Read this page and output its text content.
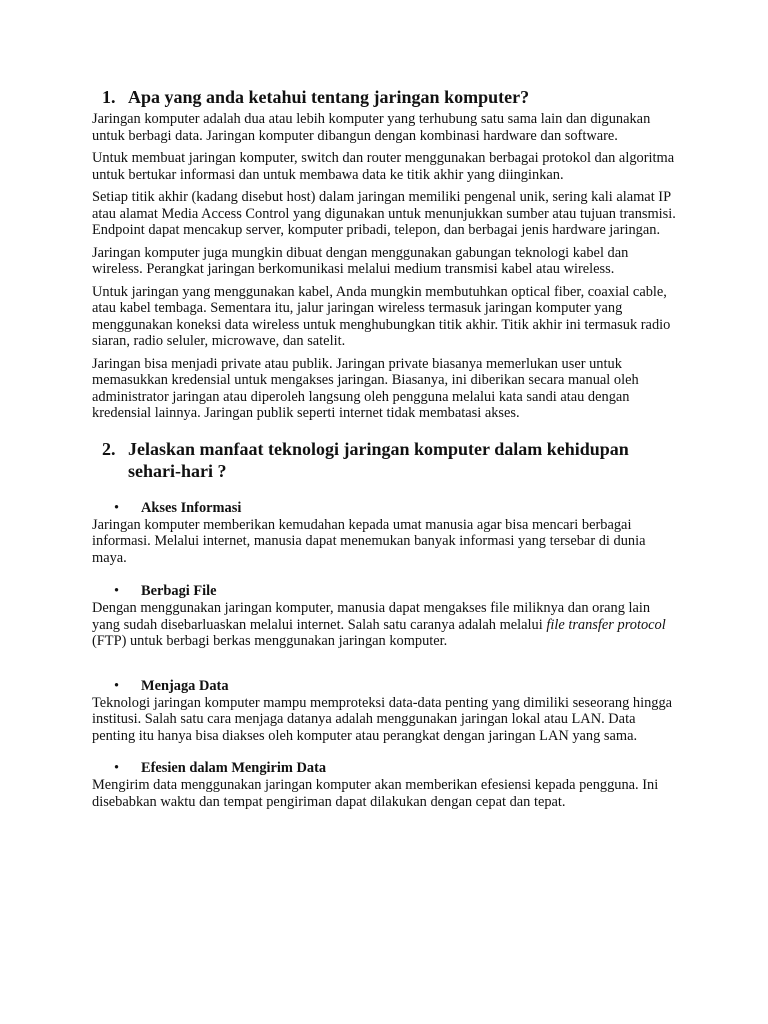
1. Apa yang anda ketahui tentang jaringan komputer?

Jaringan komputer adalah dua atau lebih komputer yang terhubung satu sama lain dan digunakan untuk berbagi data. Jaringan komputer dibangun dengan kombinasi hardware dan software.

Untuk membuat jaringan komputer, switch dan router menggunakan berbagai protokol dan algoritma untuk bertukar informasi dan untuk membawa data ke titik akhir yang diinginkan.

Setiap titik akhir (kadang disebut host) dalam jaringan memiliki pengenal unik, sering kali alamat IP atau alamat Media Access Control yang digunakan untuk menunjukkan sumber atau tujuan transmisi. Endpoint dapat mencakup server, komputer pribadi, telepon, dan berbagai jenis hardware jaringan.

Jaringan komputer juga mungkin dibuat dengan menggunakan gabungan teknologi kabel dan wireless. Perangkat jaringan berkomunikasi melalui medium transmisi kabel atau wireless.

Untuk jaringan yang menggunakan kabel, Anda mungkin membutuhkan optical fiber, coaxial cable, atau kabel tembaga. Sementara itu, jalur jaringan wireless termasuk jaringan komputer yang menggunakan koneksi data wireless untuk menghubungkan titik akhir. Titik akhir ini termasuk radio siaran, radio seluler, microwave, dan satelit.

Jaringan bisa menjadi private atau publik. Jaringan private biasanya memerlukan user untuk memasukkan kredensial untuk mengakses jaringan. Biasanya, ini diberikan secara manual oleh administrator jaringan atau diperoleh langsung oleh pengguna melalui kata sandi atau dengan kredensial lainnya. Jaringan publik seperti internet tidak membatasi akses.

2. Jelaskan manfaat teknologi jaringan komputer dalam kehidupan sehari-hari ?
•	Akses Informasi

Jaringan komputer memberikan kemudahan kepada umat manusia agar bisa mencari berbagai informasi. Melalui internet, manusia dapat menemukan banyak informasi yang tersebar di dunia maya.

•	Berbagi File

Dengan menggunakan jaringan komputer, manusia dapat mengakses file miliknya dan orang lain yang sudah disebarluaskan melalui internet. Salah satu caranya adalah melalui file transfer protocol (FTP) untuk berbagi berkas menggunakan jaringan komputer.

•	Menjaga Data

Teknologi jaringan komputer mampu memproteksi data-data penting yang dimiliki seseorang hingga institusi. Salah satu cara menjaga datanya adalah menggunakan jaringan lokal atau LAN. Data penting itu hanya bisa diakses oleh komputer atau perangkat dengan jaringan LAN yang sama.

•	Efesien dalam Mengirim Data

Mengirim data menggunakan jaringan komputer akan memberikan efesiensi kepada pengguna. Ini disebabkan waktu dan tempat pengiriman dapat dilakukan dengan cepat dan tepat.
